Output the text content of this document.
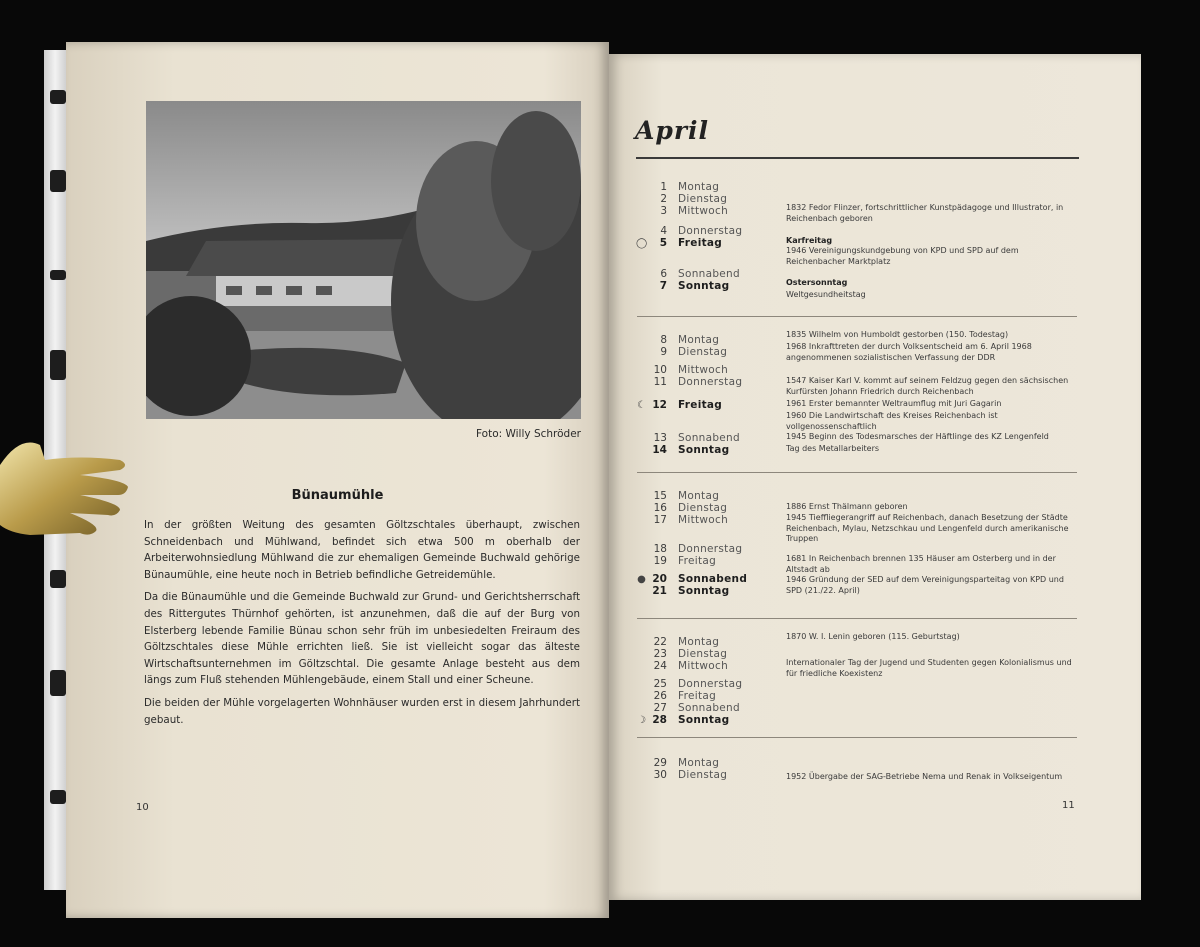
Foto: Willy Schröder
Bünaumühle

In der größten Weitung des gesamten Göltzschtales überhaupt, zwischen Schneidenbach und Mühlwand, befindet sich etwa 500 m oberhalb der Arbeiterwohnsiedlung Mühlwand die zur ehemaligen Gemeinde Buchwald gehörige Bünaumühle, eine heute noch in Betrieb befindliche Getreidemühle.

Da die Bünaumühle und die Gemeinde Buchwald zur Grund- und Gerichtsherrschaft des Rittergutes Thürnhof gehörten, ist anzunehmen, daß die auf der Burg von Elsterberg lebende Familie Bünau schon sehr früh im unbesiedelten Freiraum des Göltzschtales diese Mühle errichten ließ. Sie ist vielleicht sogar das älteste Wirtschaftsunternehmen im Göltzschtal. Die gesamte Anlage besteht aus dem längs zum Fluß stehenden Mühlengebäude, einem Stall und einer Scheune.

Die beiden der Mühle vorgelagerten Wohnhäuser wurden erst in diesem Jahrhundert gebaut.

10
April
1 Montag
2 Dienstag
3 Mittwoch
4 Donnerstag
◯	5 Freitag
6 Sonnabend
7 Sonntag
8 Montag
9 Dienstag
10 Mittwoch
11 Donnerstag
☾ 12 Freitag
13 Sonnabend
14 Sonntag
15 Montag
16 Dienstag
17 Mittwoch
18 Donnerstag
19 Freitag
● 20 Sonnabend
21 Sonntag
22 Montag
23 Dienstag
24 Mittwoch
25 Donnerstag
26 Freitag
27 Sonnabend
☽ 28 Sonntag
29 Montag
30 Dienstag
1832 Fedor Flinzer, fortschrittlicher Kunstpädagoge und Illustrator, in Reichenbach geboren
Karfreitag
1946 Vereinigungskundgebung von KPD und SPD auf dem Reichenbacher Marktplatz
Ostersonntag
Weltgesundheitstag
1835 Wilhelm von Humboldt gestorben (150. Todestag)
1968 Inkrafttreten der durch Volksentscheid am 6. April 1968 angenommenen sozialistischen Verfassung der DDR
1547 Kaiser Karl V. kommt auf seinem Feldzug gegen den sächsischen Kurfürsten Johann Friedrich durch Reichenbach
1961 Erster bemannter Weltraumflug mit Juri Gagarin
1960 Die Landwirtschaft des Kreises Reichenbach ist vollgenossenschaftlich
1945 Beginn des Todesmarsches der Häftlinge des KZ Lengenfeld
Tag des Metallarbeiters
1886 Ernst Thälmann geboren
1945 Tieffliegerangriff auf Reichenbach, danach Besetzung der Städte Reichenbach, Mylau, Netzschkau und Lengenfeld durch amerikanische Truppen
1681 In Reichenbach brennen 135 Häuser am Osterberg und in der Altstadt ab
1946 Gründung der SED auf dem Vereinigungsparteitag von KPD und SPD (21./22. April)
1870 W. I. Lenin geboren (115. Geburtstag)
Internationaler Tag der Jugend und Studenten gegen Kolonialismus und für friedliche Koexistenz
1952 Übergabe der SAG-Betriebe Nema und Renak in Volkseigentum
11
